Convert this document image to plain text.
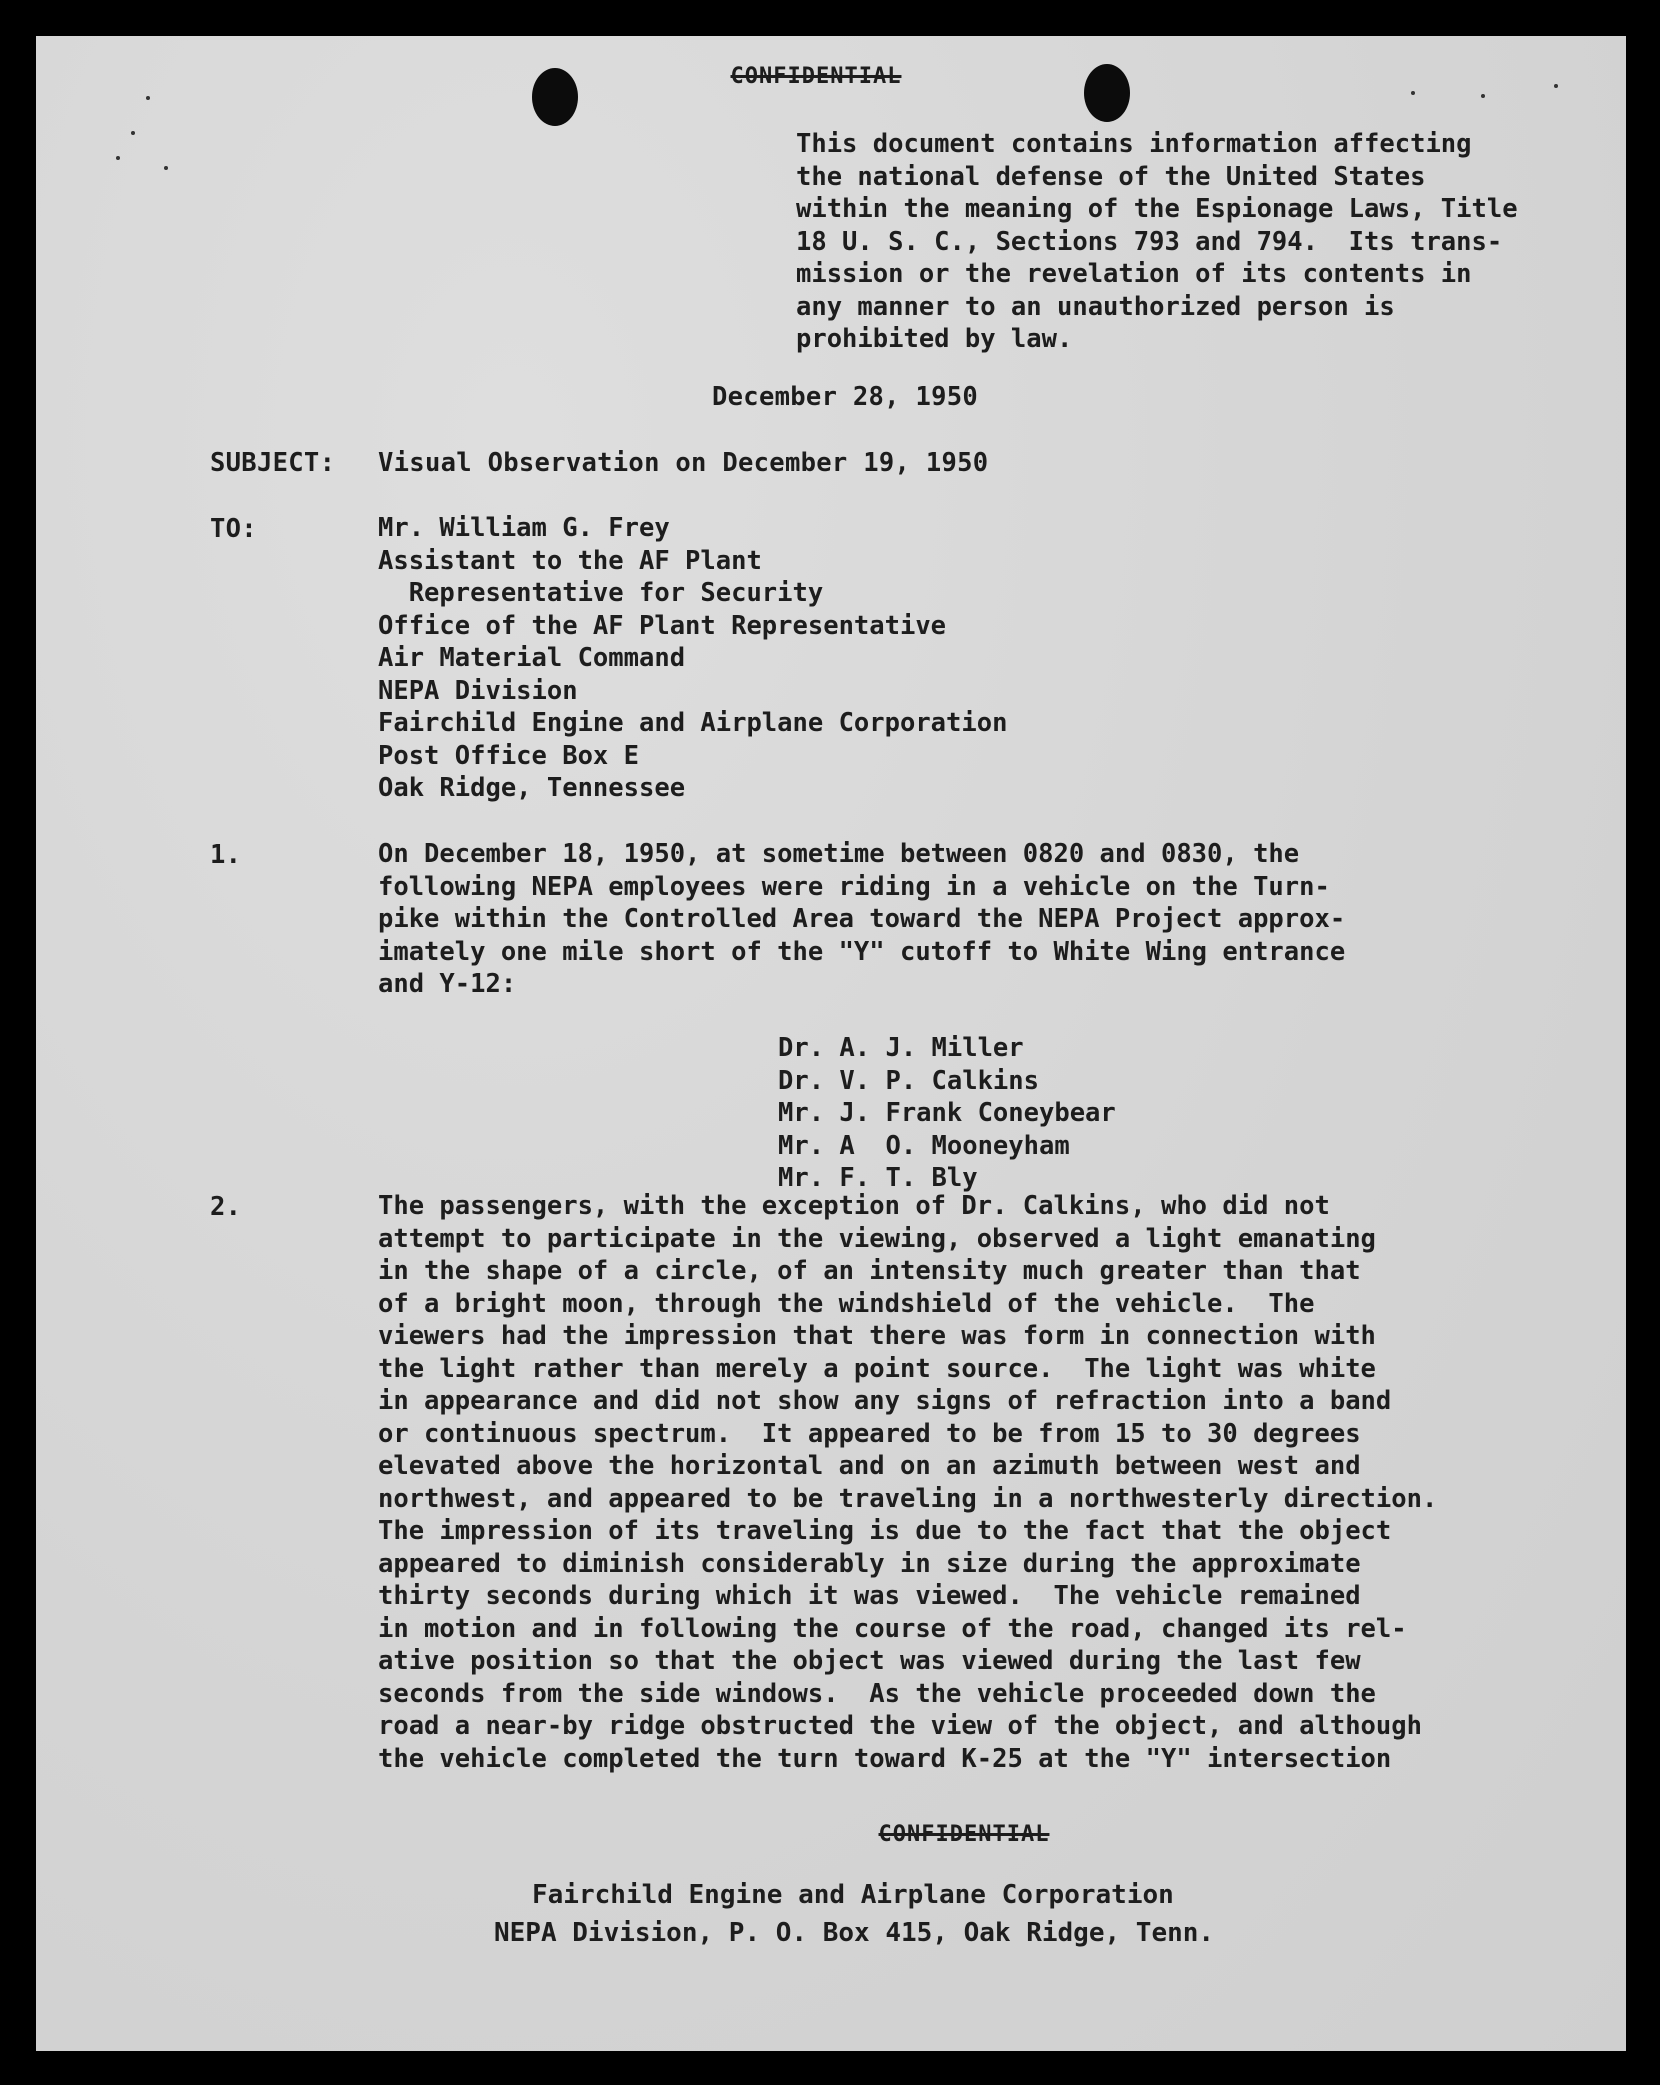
CONFIDENTIAL
This document contains information affecting
the national defense of the United States
within the meaning of the Espionage Laws, Title
18 U. S. C., Sections 793 and 794.  Its trans-
mission or the revelation of its contents in
any manner to an unauthorized person is
prohibited by law.
December 28, 1950
SUBJECT: Visual Observation on December 19, 1950
TO:	Mr. William G. Frey
Assistant to the AF Plant
Representative for Security
Office of the AF Plant Representative
Air Material Command
NEPA Division
Fairchild Engine and Airplane Corporation
Post Office Box E
Oak Ridge, Tennessee
1.	On December 18, 1950, at sometime between 0820 and 0830, the
following NEPA employees were riding in a vehicle on the Turn-
pike within the Controlled Area toward the NEPA Project approx-
imately one mile short of the "Y" cutoff to White Wing entrance
and Y-12:
Dr. A. J. Miller
Dr. V. P. Calkins
Mr. J. Frank Coneybear
Mr. A  O. Mooneyham
Mr. F. T. Bly
2.	The passengers, with the exception of Dr. Calkins, who did not
attempt to participate in the viewing, observed a light emanating
in the shape of a circle, of an intensity much greater than that
of a bright moon, through the windshield of the vehicle.  The
viewers had the impression that there was form in connection with
the light rather than merely a point source.  The light was white
in appearance and did not show any signs of refraction into a band
or continuous spectrum.  It appeared to be from 15 to 30 degrees
elevated above the horizontal and on an azimuth between west and
northwest, and appeared to be traveling in a northwesterly direction.
The impression of its traveling is due to the fact that the object
appeared to diminish considerably in size during the approximate
thirty seconds during which it was viewed.  The vehicle remained
in motion and in following the course of the road, changed its rel-
ative position so that the object was viewed during the last few
seconds from the side windows.  As the vehicle proceeded down the
road a near-by ridge obstructed the view of the object, and although
the vehicle completed the turn toward K-25 at the "Y" intersection
CONFIDENTIAL
Fairchild Engine and Airplane Corporation
NEPA Division, P. O. Box 415, Oak Ridge, Tenn.
